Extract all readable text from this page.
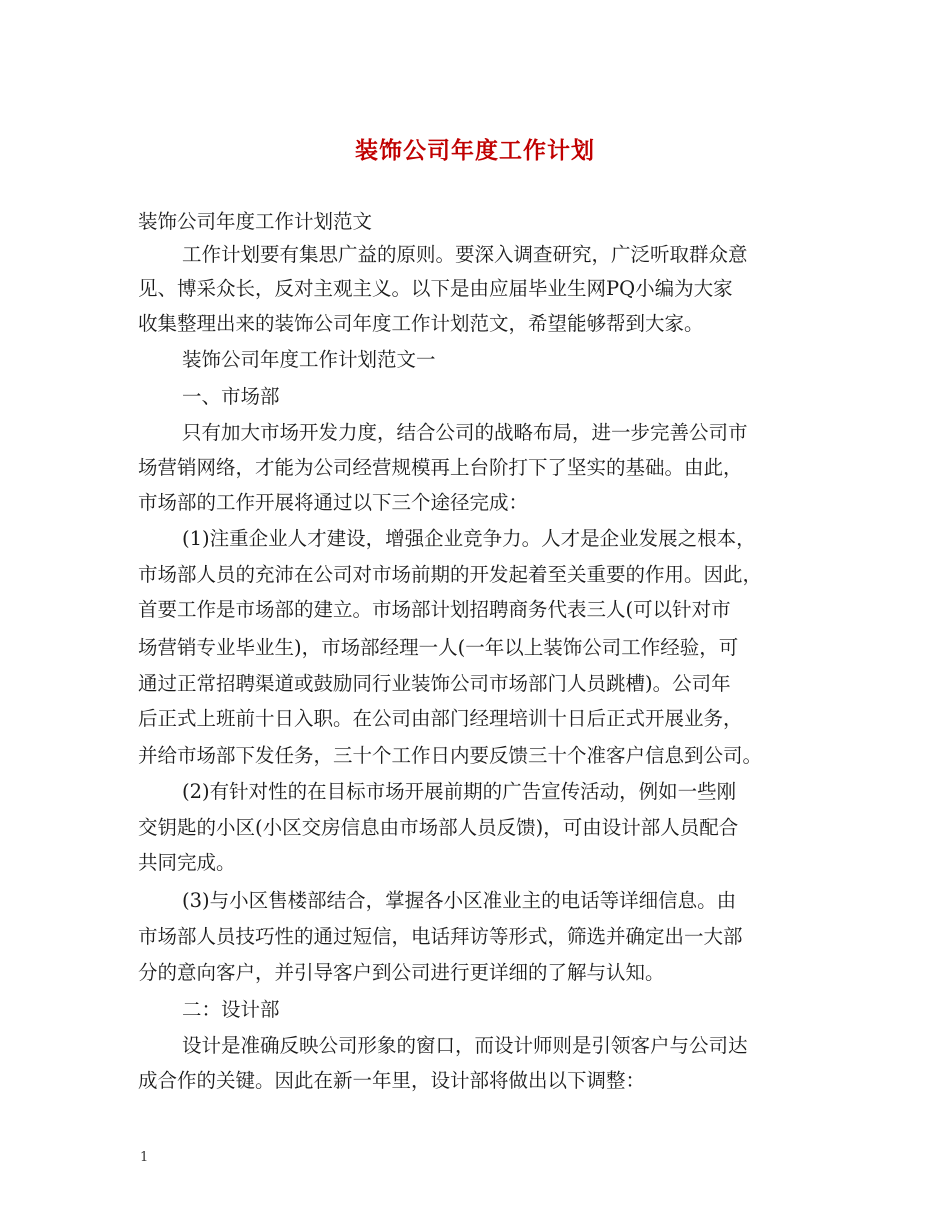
装饰公司年度工作计划
装饰公司年度工作计划范文
工作计划要有集思广益的原则。要深入调查研究，广泛听取群众意
见、博采众长，反对主观主义。以下是由应届毕业生网PQ小编为大家
收集整理出来的装饰公司年度工作计划范文，希望能够帮到大家。
装饰公司年度工作计划范文一
一、市场部
只有加大市场开发力度，结合公司的战略布局，进一步完善公司市
场营销网络，才能为公司经营规模再上台阶打下了坚实的基础。由此，
市场部的工作开展将通过以下三个途径完成：
(1)注重企业人才建设，增强企业竞争力。人才是企业发展之根本，
市场部人员的充沛在公司对市场前期的开发起着至关重要的作用。因此，
首要工作是市场部的建立。市场部计划招聘商务代表三人(可以针对市
场营销专业毕业生)，市场部经理一人(一年以上装饰公司工作经验，可
通过正常招聘渠道或鼓励同行业装饰公司市场部门人员跳槽)。公司年
后正式上班前十日入职。在公司由部门经理培训十日后正式开展业务，
并给市场部下发任务，三十个工作日内要反馈三十个准客户信息到公司。
(2)有针对性的在目标市场开展前期的广告宣传活动，例如一些刚
交钥匙的小区(小区交房信息由市场部人员反馈)，可由设计部人员配合
共同完成。
(3)与小区售楼部结合，掌握各小区准业主的电话等详细信息。由
市场部人员技巧性的通过短信，电话拜访等形式，筛选并确定出一大部
分的意向客户，并引导客户到公司进行更详细的了解与认知。
二：设计部
设计是准确反映公司形象的窗口，而设计师则是引领客户与公司达
成合作的关键。因此在新一年里，设计部将做出以下调整：
1
